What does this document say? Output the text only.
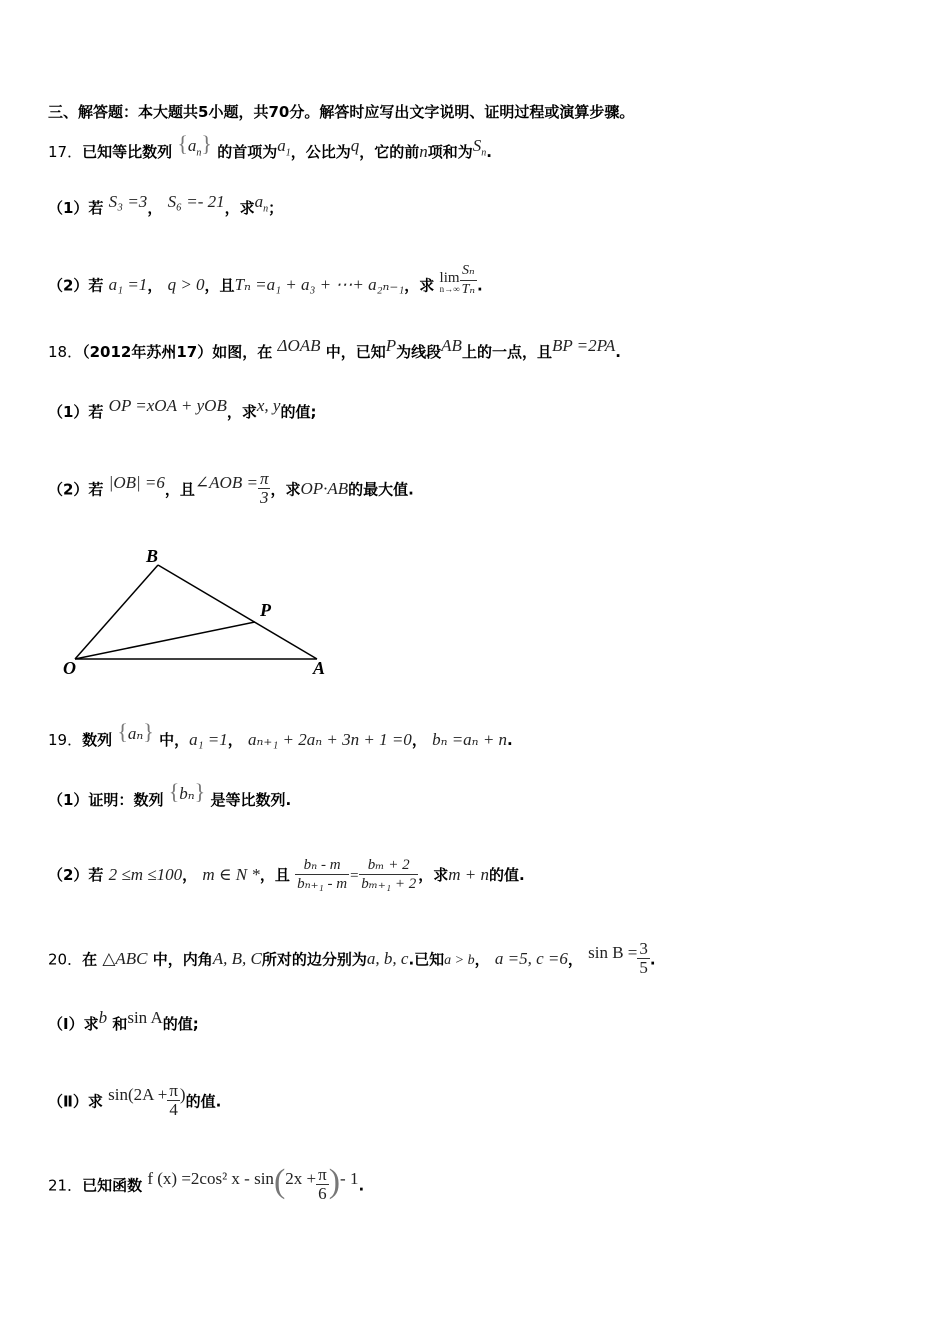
三、解答题：本大题共5小题，共70分。解答时应写出文字说明、证明过程或演算步骤。
17．已知等比数列 $\{a_n\}$ 的首项为$a_1$，公比为q，它的前n项和为$S_n$.
（1）若 S₃ =3， S₆ =- 21，求$a_n$；
（2）若 a₁ =1， q > 0，且Tₙ =a₁ + a₃ + ⋯+ a₂ₙ₋₁，求 lim
$n\to\infty \frac{\text{Sₙ}}{\text{Tₙ}}$ .
18．（2012年苏州17）如图，在 ΔOAB 中，已知P为线段AB上的一点，且BP =2PA.
（1）若 OP =xOA + yOB，求x, y的值;
（2）若 |OB| =6，且∠AOB = $\frac{\pi}{3}$ ，求OP·AB的最大值.
B
P
O	A
19．数列 {aₙ} 中，a₁ =1， aₙ₊₁ + 2aₙ + 3n + 1 =0， bₙ =aₙ + n.
（1）证明：数列 {bₙ} 是等比数列.
（2）若 2 ≤m ≤100， m ∈ N *，且 $\frac{\text{bₙ - m}}{\text{bₙ₊₁ - m}} = \frac{\text{bₘ + 2}}{\text{bₘ₊₁ + 2}}$ ，求m + n的值.
20．在 △ABC 中，内角A, B, C所对的边分别为a, b, c.已知a > b， a =5, c =6， $\sin B = \frac{3}{5}$ .
（Ⅰ）求b 和sin A的值;
（Ⅱ）求 $\sin(2A + \frac{\pi}{4}$ )的值.
21．已知函数 f (x) =2cos² $x - \sin(2x + \frac{\pi}{6}$ )- 1.
